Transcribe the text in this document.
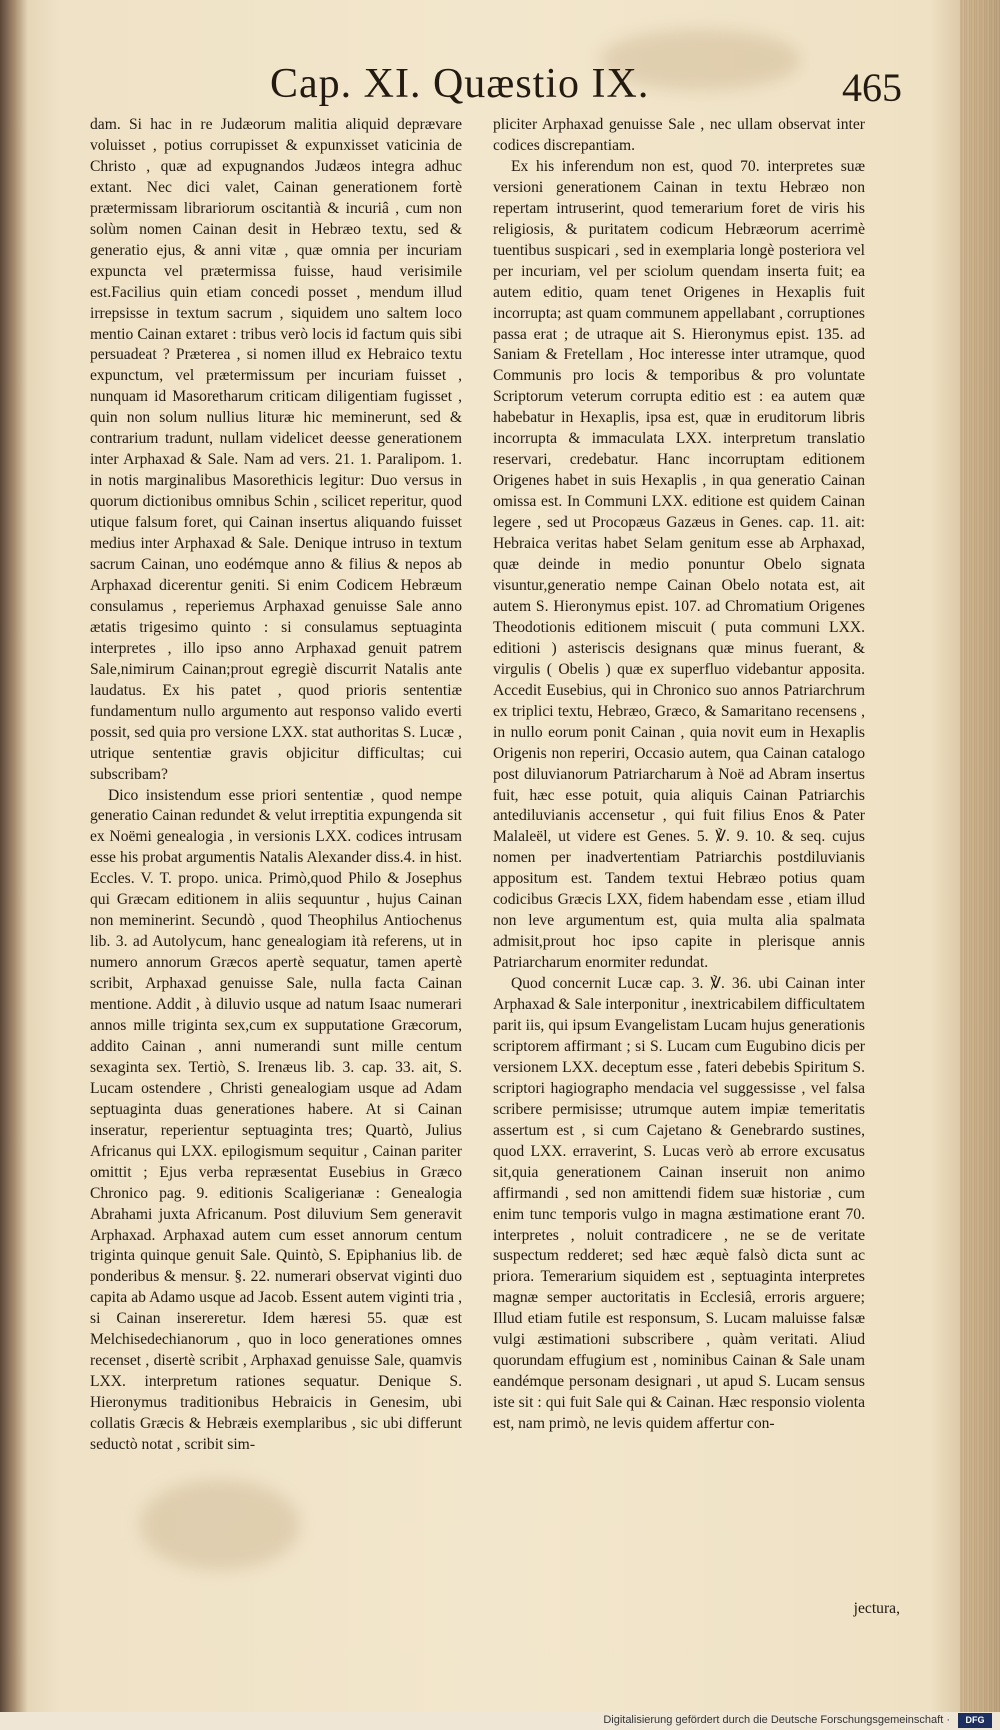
Cap. XI. Quæstio IX.	465

dam. Si hac in re Judæorum malitia aliquid deprævare voluisset , potius corrupisset & expunxisset vaticinia de Christo , quæ ad expugnandos Judæos integra adhuc extant. Nec dici valet, Cainan generationem fortè prætermissam librariorum oscitantià & incuriâ , cum non solùm nomen Cainan desit in Hebræo textu, sed & generatio ejus, & anni vitæ , quæ omnia per incuriam expuncta vel prætermissa fuisse, haud verisimile est.Facilius quin etiam concedi posset , mendum illud irrepsisse in textum sacrum , siquidem uno saltem loco mentio Cainan extaret : tribus verò locis id factum quis sibi persuadeat ? Præterea , si nomen illud ex Hebraico textu expunctum, vel prætermissum per incuriam fuisset , nunquam id Masoretharum criticam diligentiam fugisset , quin non solum nullius lituræ hic meminerunt, sed & contrarium tradunt, nullam videlicet deesse generationem inter Arphaxad & Sale. Nam ad vers. 21. 1. Paralipom. 1. in notis marginalibus Masorethicis legitur: Duo versus in quorum dictionibus omnibus Schin , scilicet reperitur, quod utique falsum foret, qui Cainan insertus aliquando fuisset medius inter Arphaxad & Sale. Denique intruso in textum sacrum Cainan, uno eodémque anno & filius & nepos ab Arphaxad dicerentur geniti. Si enim Codicem Hebræum consulamus , reperiemus Arphaxad genuisse Sale anno ætatis trigesimo quinto : si consulamus septuaginta interpretes , illo ipso anno Arphaxad genuit patrem Sale,nimirum Cainan;prout egregiè discurrit Natalis ante laudatus. Ex his patet , quod prioris sententiæ fundamentum nullo argumento aut responso valido everti possit, sed quia pro versione LXX. stat authoritas S. Lucæ , utrique sententiæ gravis objicitur difficultas; cui subscribam?

Dico insistendum esse priori sententiæ , quod nempe generatio Cainan redundet & velut irreptitia expungenda sit ex Noëmi genealogia , in versionis LXX. codices intrusam esse his probat argumentis Natalis Alexander diss.4. in hist. Eccles. V. T. propo. unica. Primò,quod Philo & Josephus qui Græcam editionem in aliis sequuntur , hujus Cainan non meminerint. Secundò , quod Theophilus Antiochenus lib. 3. ad Autolycum, hanc genealogiam ità referens, ut in numero annorum Græcos apertè sequatur, tamen apertè scribit, Arphaxad genuisse Sale, nulla facta Cainan mentione. Addit , à diluvio usque ad natum Isaac numerari annos mille triginta sex,cum ex supputatione Græcorum, addito Cainan , anni numerandi sunt mille centum sexaginta sex. Tertiò, S. Irenæus lib. 3. cap. 33. ait, S. Lucam ostendere , Christi genealogiam usque ad Adam septuaginta duas generationes habere. At si Cainan inseratur, reperientur septuaginta tres; Quartò, Julius Africanus qui LXX. epilogismum sequitur , Cainan pariter omittit ; Ejus verba repræsentat Eusebius in Græco Chronico pag. 9. editionis Scaligerianæ : Genealogia Abrahami juxta Africanum. Post diluvium Sem generavit Arphaxad. Arphaxad autem cum esset annorum centum triginta quinque genuit Sale. Quintò, S. Epiphanius lib. de ponderibus & mensur. §. 22. numerari observat viginti duo capita ab Adamo usque ad Jacob. Essent autem viginti tria , si Cainan insereretur. Idem hæresi 55. quæ est Melchisedechianorum , quo in loco generationes omnes recenset , disertè scribit , Arphaxad genuisse Sale, quamvis LXX. interpretum rationes sequatur. Denique S. Hieronymus traditionibus Hebraicis in Genesim, ubi collatis Græcis & Hebræis exemplaribus , sic ubi differunt seductò notat , scribit sim-

pliciter Arphaxad genuisse Sale , nec ullam observat inter codices discrepantiam.

Ex his inferendum non est, quod 70. interpretes suæ versioni generationem Cainan in textu Hebræo non repertam intruserint, quod temerarium foret de viris his religiosis, & puritatem codicum Hebræorum acerrimè tuentibus suspicari , sed in exemplaria longè posteriora vel per incuriam, vel per sciolum quendam inserta fuit; ea autem editio, quam tenet Origenes in Hexaplis fuit incorrupta; ast quam communem appellabant , corruptiones passa erat ; de utraque ait S. Hieronymus epist. 135. ad Saniam & Fretellam , Hoc interesse inter utramque, quod Communis pro locis & temporibus & pro voluntate Scriptorum veterum corrupta editio est : ea autem quæ habebatur in Hexaplis, ipsa est, quæ in eruditorum libris incorrupta & immaculata LXX. interpretum translatio reservari, credebatur. Hanc incorruptam editionem Origenes habet in suis Hexaplis , in qua generatio Cainan omissa est. In Communi LXX. editione est quidem Cainan legere , sed ut Procopæus Gazæus in Genes. cap. 11. ait: Hebraica veritas habet Selam genitum esse ab Arphaxad, quæ deinde in medio ponuntur Obelo signata visuntur,generatio nempe Cainan Obelo notata est, ait autem S. Hieronymus epist. 107. ad Chromatium Origenes Theodotionis editionem miscuit ( puta communi LXX. editioni ) asteriscis designans quæ minus fuerant, & virgulis ( Obelis ) quæ ex superfluo videbantur apposita. Accedit Eusebius, qui in Chronico suo annos Patriarchrum ex triplici textu, Hebræo, Græco, & Samaritano recensens , in nullo eorum ponit Cainan , quia novit eum in Hexaplis Origenis non reperiri, Occasio autem, qua Cainan catalogo post diluvianorum Patriarcharum à Noë ad Abram insertus fuit, hæc esse potuit, quia aliquis Cainan Patriarchis antediluvianis accensetur , qui fuit filius Enos & Pater Malaleël, ut videre est Genes. 5. ℣. 9. 10. & seq. cujus nomen per inadvertentiam Patriarchis postdiluvianis appositum est. Tandem textui Hebræo potius quam codicibus Græcis LXX, fidem habendam esse , etiam illud non leve argumentum est, quia multa alia spalmata admisit,prout hoc ipso capite in plerisque annis Patriarcharum enormiter redundat.

Quod concernit Lucæ cap. 3. ℣. 36. ubi Cainan inter Arphaxad & Sale interponitur , inextricabilem difficultatem parit iis, qui ipsum Evangelistam Lucam hujus generationis scriptorem affirmant ; si S. Lucam cum Eugubino dicis per versionem LXX. deceptum esse , fateri debebis Spiritum S. scriptori hagiographo mendacia vel suggessisse , vel falsa scribere permisisse; utrumque autem impiæ temeritatis assertum est , si cum Cajetano & Genebrardo sustines, quod LXX. erraverint, S. Lucas verò ab errore excusatus sit,quia generationem Cainan inseruit non animo affirmandi , sed non amittendi fidem suæ historiæ , cum enim tunc temporis vulgo in magna æstimatione erant 70. interpretes , noluit contradicere , ne se de veritate suspectum redderet; sed hæc æquè falsò dicta sunt ac priora. Temerarium siquidem est , septuaginta interpretes magnæ semper auctoritatis in Ecclesiâ, erroris arguere; Illud etiam futile est responsum, S. Lucam maluisse falsæ vulgi æstimationi subscribere , quàm veritati. Aliud quorundam effugium est , nominibus Cainan & Sale unam eandémque personam designari , ut apud S. Lucam sensus iste sit : qui fuit Sale qui & Cainan. Hæc responsio violenta est, nam primò, ne levis quidem affertur con-

jectura,
Digitalisierung gefördert durch die Deutsche Forschungsgemeinschaft ·	DFG
